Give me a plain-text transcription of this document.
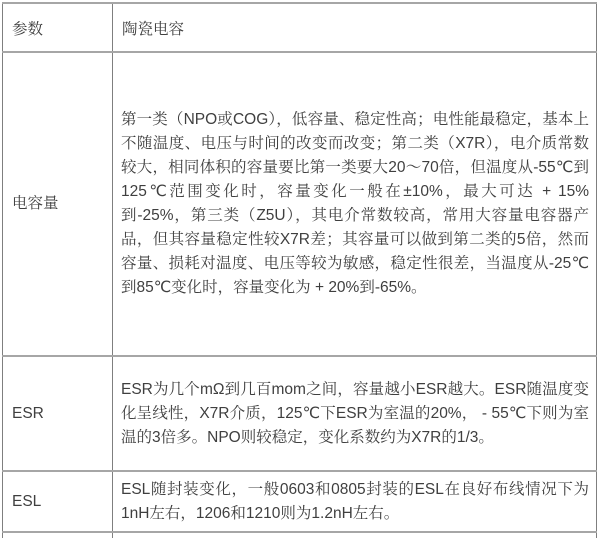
参数	陶瓷电容
电容量	第一类（NPO或COG），低容量、稳定性高；电性能最稳定，基本上不随温度、电压与时间的改变而改变；第二类（X7R），电介质常数较大，相同体积的容量要比第一类要大20～70倍，但温度从-55℃到125℃范围变化时，容量变化一般在±10%，最大可达 + 15%到-25%，第三类（Z5U），其电介常数较高，常用大容量电容器产品，但其容量稳定性较X7R差；其容量可以做到第二类的5倍，然而容量、损耗对温度、电压等较为敏感，稳定性很差，当温度从-25℃到85℃变化时，容量变化为 + 20%到-65%。
ESR	ESR为几个mΩ到几百mom之间，容量越小ESR越大。ESR随温度变化呈线性，X7R介质，125℃下ESR为室温的20%， - 55℃下则为室温的3倍多。NPO则较稳定，变化系数约为X7R的1/3。
ESL	ESL随封装变化，一般0603和0805封装的ESL在良好布线情况下为1nH左右，1206和1210则为1.2nH左右。
